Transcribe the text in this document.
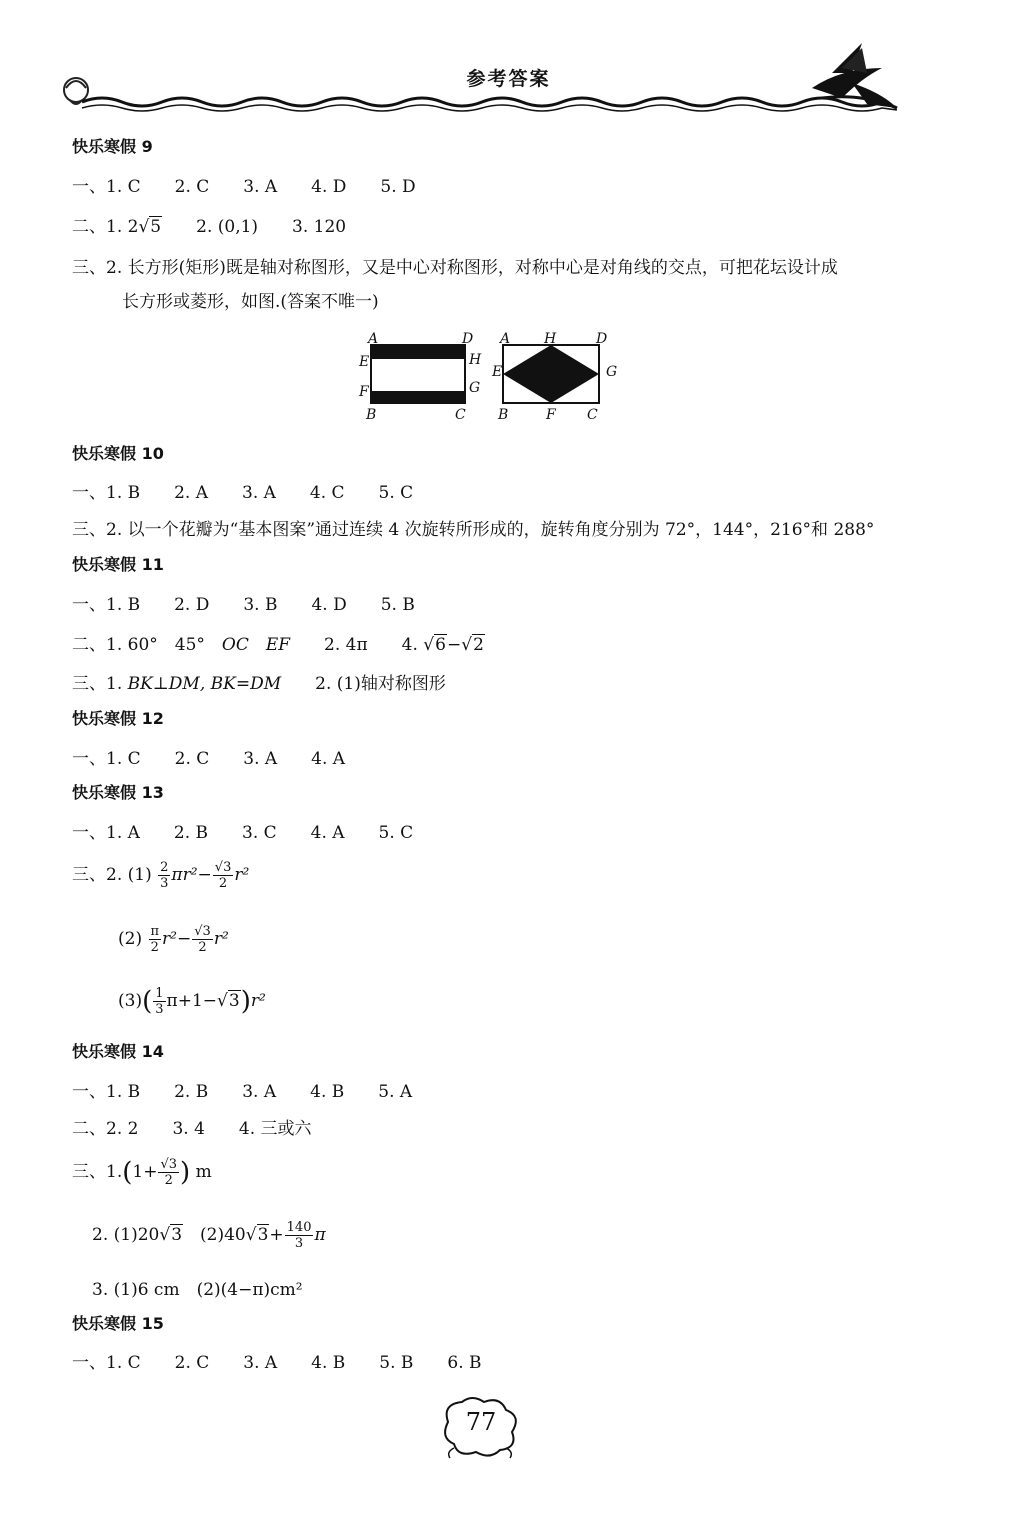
参考答案
快乐寒假 9
一、1. C　　2. C　　3. A　　4. D　　5. D
二、1. 2√5　　2. (0,1)　　3. 120
三、2. 长方形(矩形)既是轴对称图形，又是中心对称图形，对称中心是对角线的交点，可把花坛设计成
长方形或菱形，如图.(答案不唯一)
A	D
E	H
F	G
B	C
A H	D
E	G
B	F C
快乐寒假 10
一、1. B　　2. A　　3. A　　4. C　　5. C
三、2. 以一个花瓣为“基本图案”通过连续 4 次旋转所形成的，旋转角度分别为 72°，144°，216°和 288°
快乐寒假 11
一、1. B　　2. D　　3. B　　4. D　　5. B
二、1. 60°　45°　OC　EF　　2. 4π　　4. √6−√2
三、1. BK⊥DM, BK=DM　　2. (1)轴对称图形
快乐寒假 12
一、1. C　　2. C　　3. A　　4. A
快乐寒假 13
一、1. A　　2. B　　3. C　　4. A　　5. C
三、2. $(1) \frac{2}{3} \pi r^2- \frac{√3}{2} r^2$
$(2) \frac{\pi}{2} r^2- \frac{√3}{2} r^2$
$(3)( \frac{1}{3} \pi+1-√3)r^2$
快乐寒假 14
一、1. B　　2. B　　3. A　　4. B　　5. A
二、2. 2　　3. 4　　4. 三或六
三、$1.(1+ \frac{√3}{2}$ ) m
2. (1)20√3　$(2)40√3+ \frac{140}{3}$ π
3. (1)6 cm　(2)(4−π)cm²
快乐寒假 15
一、1. C　　2. C　　3. A　　4. B　　5. B　　6. B
77
